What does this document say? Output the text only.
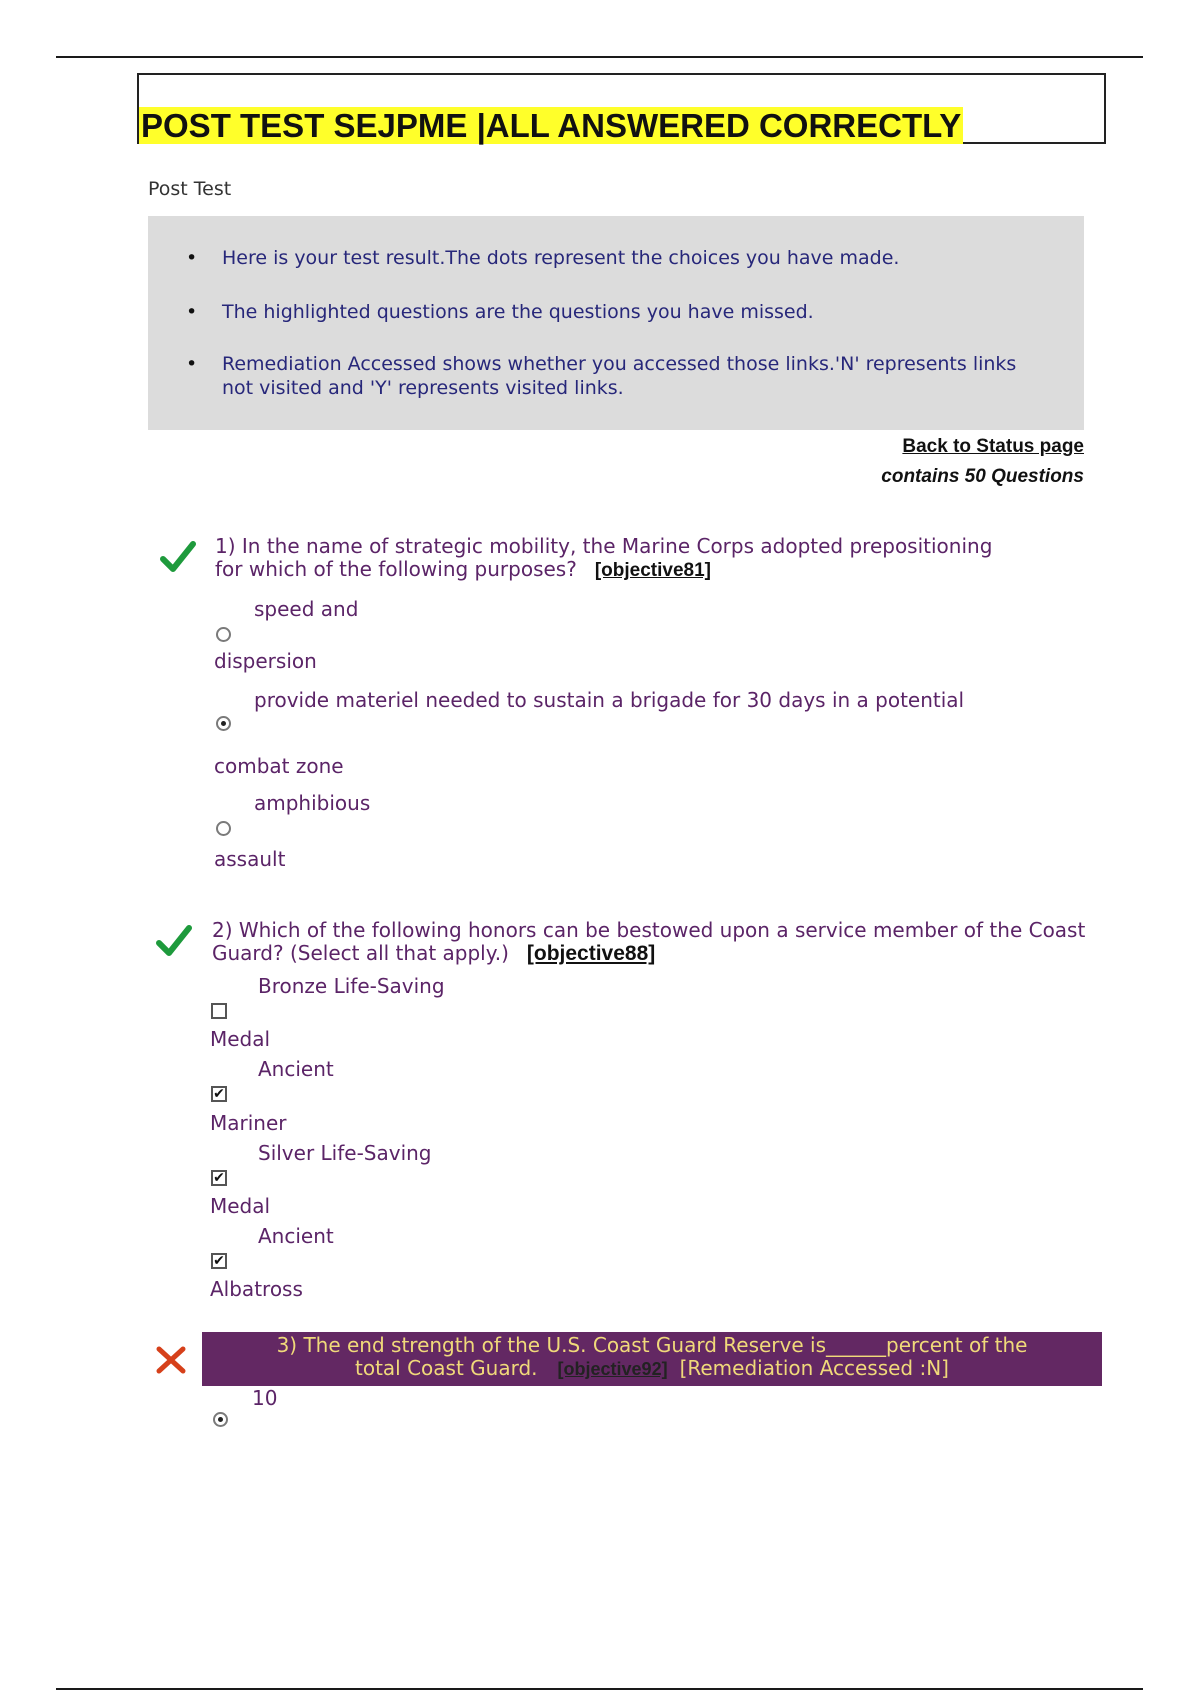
POST TEST SEJPME |ALL ANSWERED CORRECTLY
Post Test
• Here is your test result.The dots represent the choices you have made.
• The highlighted questions are the questions you have missed.
• Remediation Accessed shows whether you accessed those links.'N' represents links not visited and 'Y' represents visited links.
Back to Status page
contains 50 Questions
1) In the name of strategic mobility, the Marine Corps adopted prepositioning for which of the following purposes? [objective81]
speed and
dispersion
provide materiel needed to sustain a brigade for 30 days in a potential
combat zone
amphibious
assault
2) Which of the following honors can be bestowed upon a service member of the Coast Guard? (Select all that apply.) [objective88]
Bronze Life-Saving
Medal
Ancient
✔
Mariner
Silver Life-Saving
✔
Medal
Ancient
✔
Albatross
3) The end strength of the U.S. Coast Guard Reserve is______percent of the
total Coast Guard. [objective92] [Remediation Accessed :N]
10
